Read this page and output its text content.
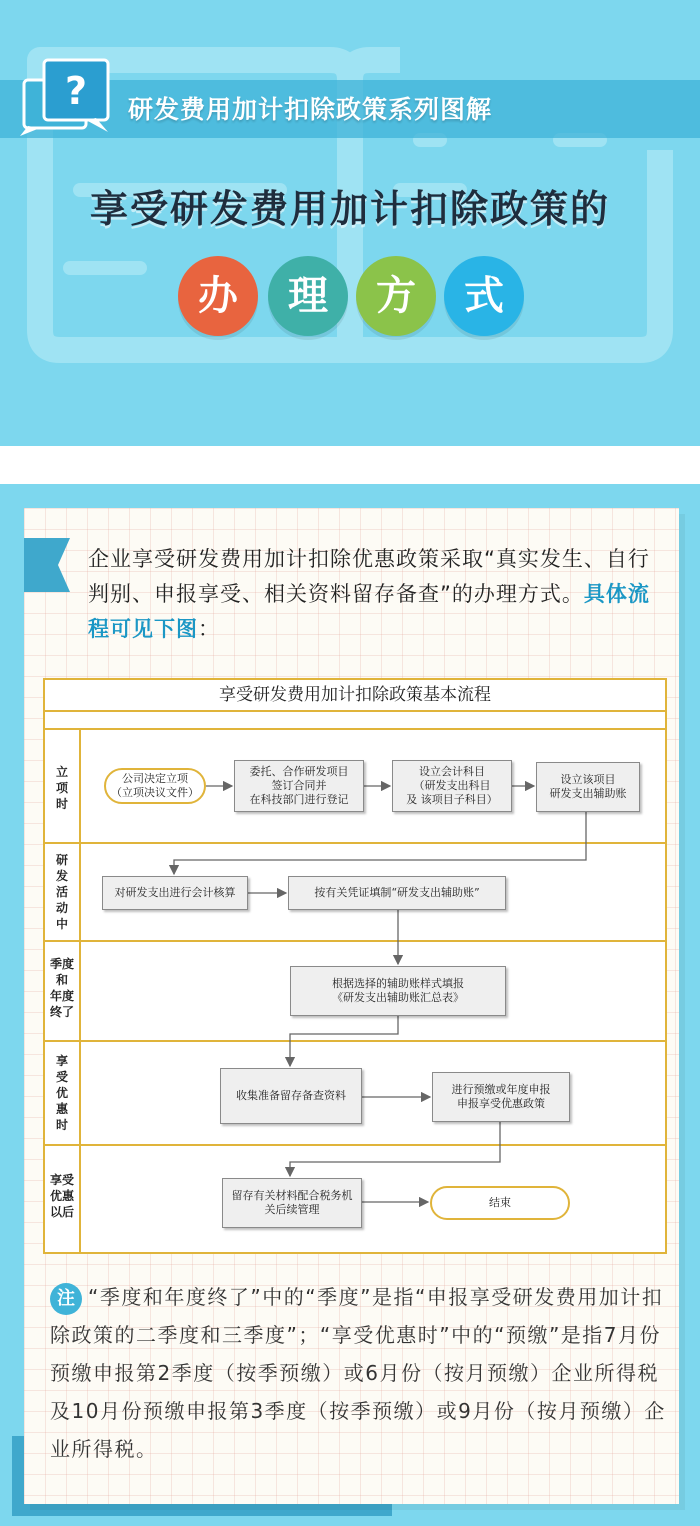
? 研发费用加计扣除政策系列图解
享受研发费用加计扣除政策的
办	理	方	式
企业享受研发费用加计扣除优惠政策采取“真实发生、自行判别、申报享受、相关资料留存备查”的办理方式。具体流程可见下图：
享受研发费用加计扣除政策基本流程
立
项
时
研
发
活
动
中
季度
和
年度
终了
享
受
优
惠
时
享受
优惠
以后
公司决定立项
（立项决议文件）
委托、合作研发项目
签订合同并
在科技部门进行登记
设立会计科目
（研发支出科目
及 该项目子科目）
设立该项目
研发支出辅助账
对研发支出进行会计核算	按有关凭证填制“研发支出辅助账”
根据选择的辅助账样式填报
《研发支出辅助账汇总表》
收集准备留存备查资料	进行预缴或年度申报
申报享受优惠政策
留存有关材料配合税务机
关后续管理
结束
注 “季度和年度终了”中的“季度”是指“申报享受研发费用加计扣除政策的二季度和三季度”；“享受优惠时”中的“预缴”是指7月份预缴申报第2季度（按季预缴）或6月份（按月预缴）企业所得税及10月份预缴申报第3季度（按季预缴）或9月份（按月预缴）企业所得税。
